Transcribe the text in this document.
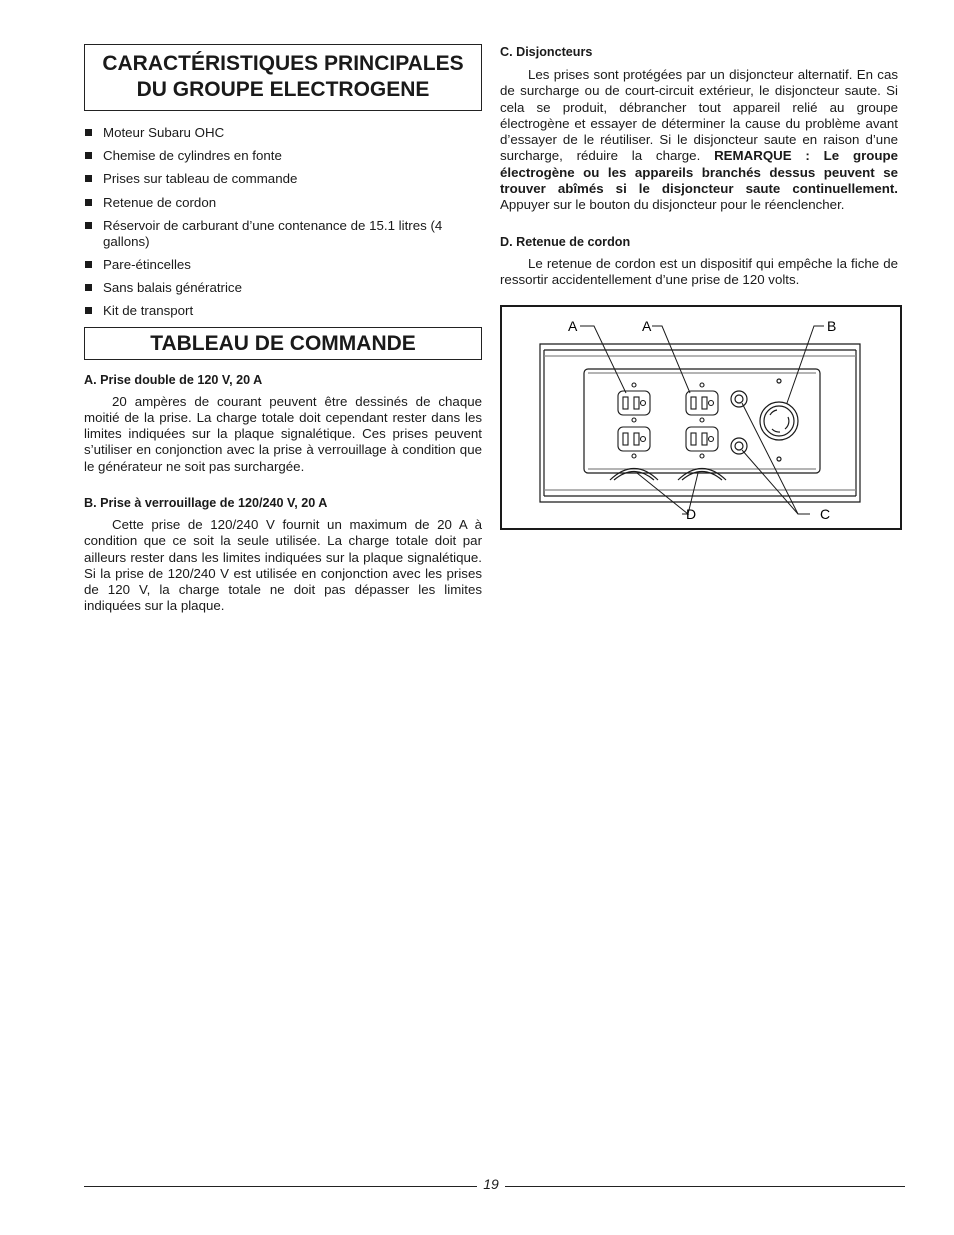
CARACTÉRISTIQUES PRINCIPALES
DU GROUPE ELECTROGENE
Moteur Subaru OHC
Chemise de cylindres en fonte
Prises sur tableau de commande
Retenue de cordon
Réservoir de carburant d’une contenance de 15.1 litres (4 gallons)
Pare-étincelles
Sans balais génératrice
Kit de transport
TABLEAU DE COMMANDE

A. Prise double de 120 V, 20 A

20 ampères de courant peuvent être dessinés de chaque moitié de la prise. La charge totale doit cependant rester dans les limites indiquées sur la plaque signalétique. Ces prises peuvent s’utiliser en conjonction avec la prise à verrouillage à condition que le générateur ne soit pas surchargée.

B. Prise à verrouillage de 120/240 V, 20 A

Cette prise de 120/240 V fournit un maximum de 20 A à condition que ce soit la seule utilisée. La charge totale doit par ailleurs rester dans les limites indiquées sur la plaque signalétique. Si la prise de 120/240 V est utilisée en conjonction avec les prises de 120 V, la charge totale ne doit pas dépasser les limites indiquées sur la plaque.

C. Disjoncteurs

Les prises sont protégées par un disjoncteur alternatif. En cas de surcharge ou de court-circuit extérieur, le disjoncteur saute. Si cela se produit, débrancher tout appareil relié au groupe électrogène et essayer de déterminer la cause du problème avant d’essayer de le réutiliser. Si le disjoncteur saute en raison d’une surcharge, réduire la charge. REMARQUE : Le groupe électrogène ou les appareils branchés dessus peuvent se trouver abîmés si le disjoncteur saute continuellement. Appuyer sur le bouton du disjoncteur pour le réenclencher.

D. Retenue de cordon

Le retenue de cordon est un dispositif qui empêche la fiche de ressortir accidentellement d’une prise de 120 volts.

A	A	B
C
D
19
